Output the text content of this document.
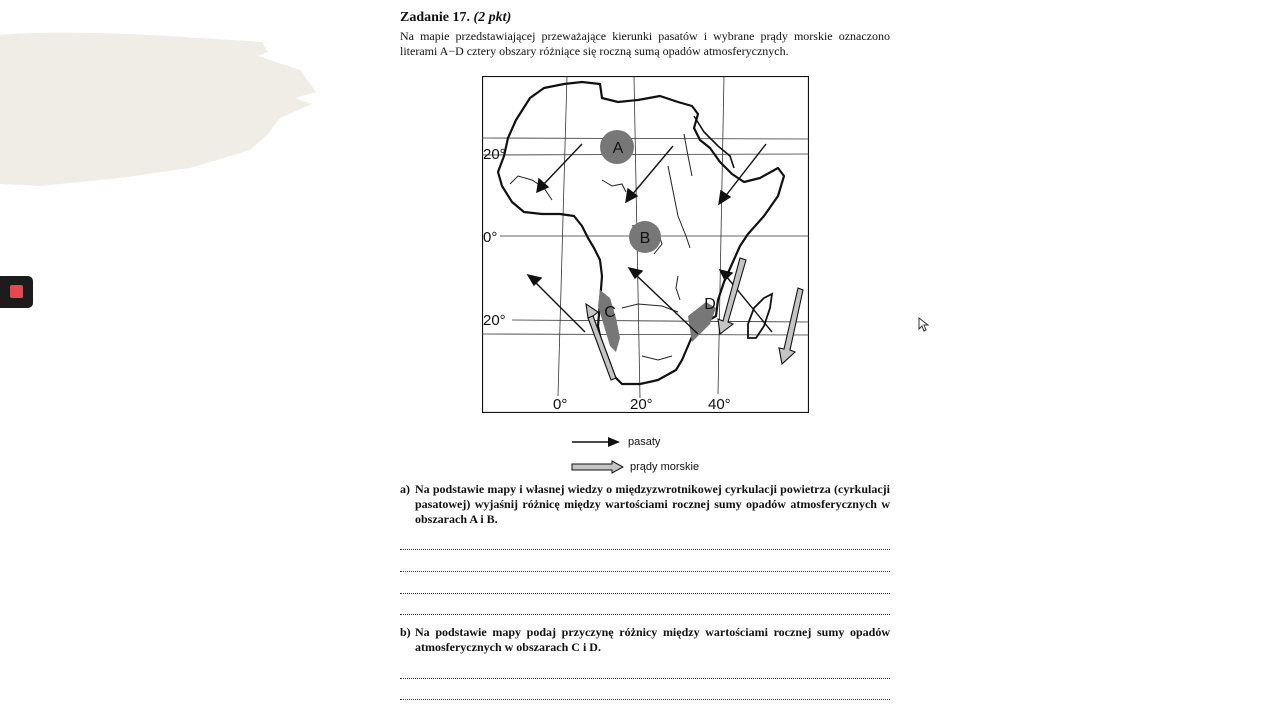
Zadanie 17. (2 pkt)
Na mapie przedstawiającej przeważające kierunki pasatów i wybrane prądy morskie oznaczono literami A−D cztery obszary różniące się roczną sumą opadów atmosferycznych.
A
B
C	D
20°
0°
20°
0°	20°	40°
pasaty
prądy morskie
a) Na podstawie mapy i własnej wiedzy o międzyzwrotnikowej cyrkulacji powietrza (cyrkulacji pasatowej) wyjaśnij różnicę między wartościami rocznej sumy opadów atmosferycznych w obszarach A i B.
b) Na podstawie mapy podaj przyczynę różnicy między wartościami rocznej sumy opadów atmosferycznych w obszarach C i D.
